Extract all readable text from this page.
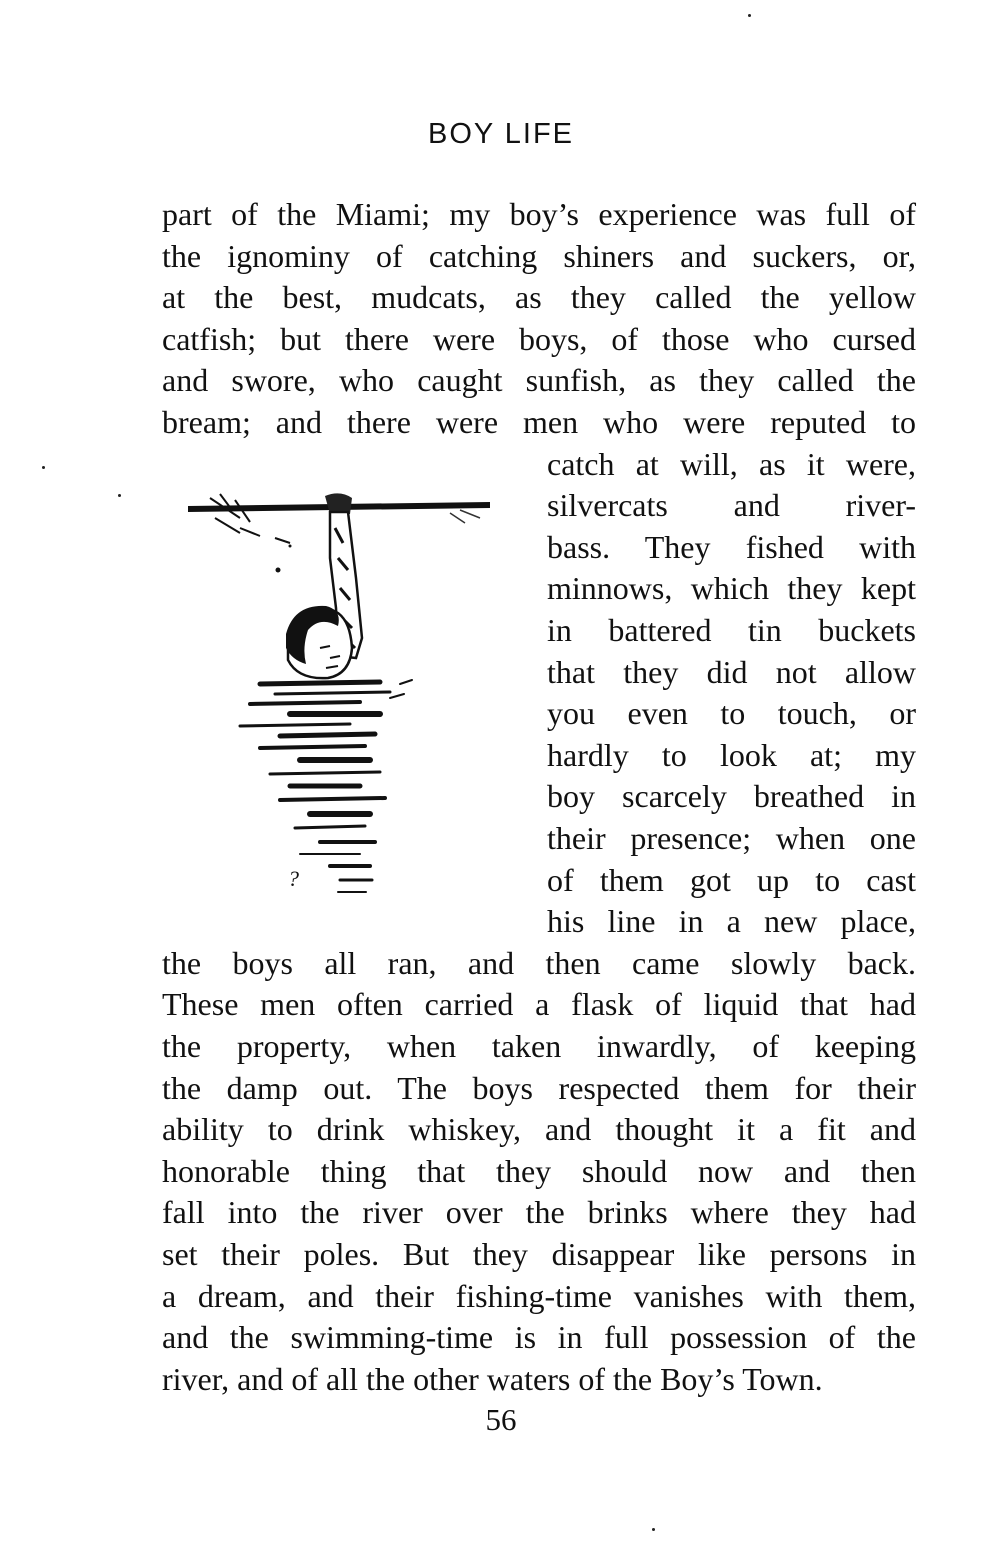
BOY LIFE
part of the Miami; my boy’s experience was full of
the ignominy of catching shiners and suckers, or,
at the best, mudcats, as they called the yellow
catfish; but there were boys, of those who cursed
and swore, who caught sunfish, as they called the
bream; and there were men who were reputed to
catch at will, as it were,
silvercats and river-
bass. They fished with
minnows, which they kept
in battered tin buckets
that they did not allow
you even to touch, or
hardly to look at; my
boy scarcely breathed in
their presence; when one
of them got up to cast
his line in a new place,
the boys all ran, and then came slowly back.
These men often carried a flask of liquid that had
the property, when taken inwardly, of keeping
the damp out. The boys respected them for their
ability to drink whiskey, and thought it a fit and
honorable thing that they should now and then
fall into the river over the brinks where they had
set their poles. But they disappear like persons in
a dream, and their fishing-time vanishes with them,
and the swimming-time is in full possession of the
river, and of all the other waters of the Boy’s Town.
?
56
